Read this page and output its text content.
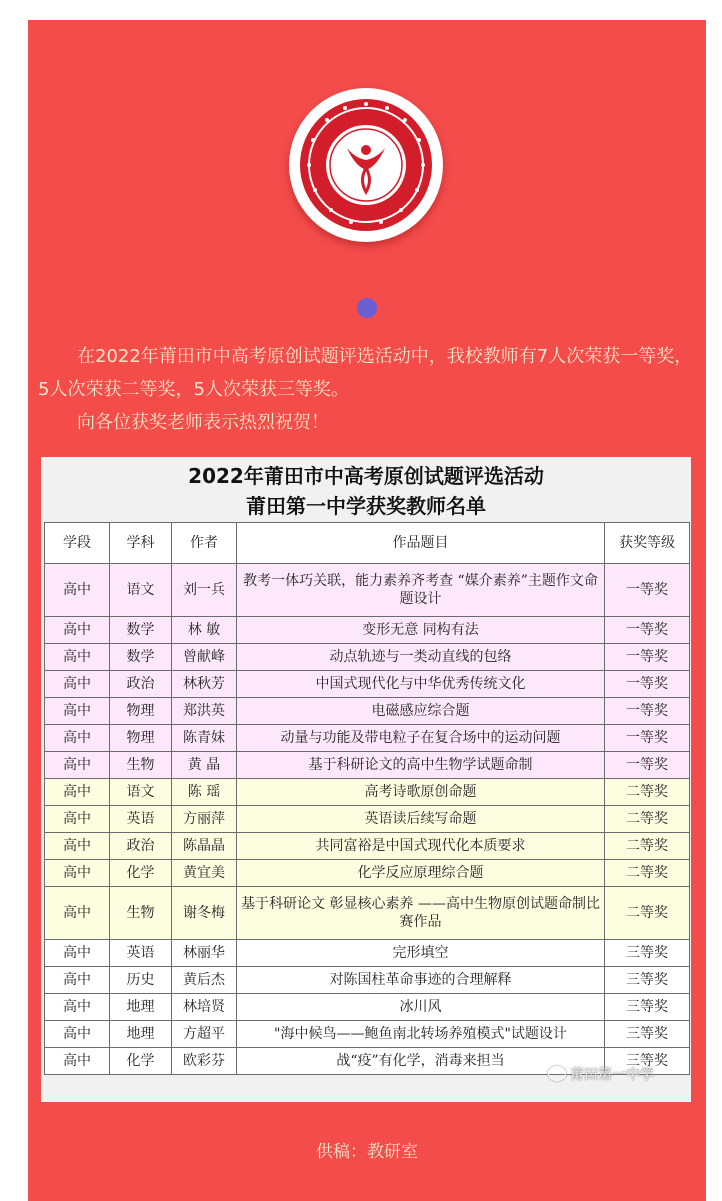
在2022年莆田市中高考原创试题评选活动中，我校教师有7人次荣获一等奖，5人次荣获二等奖，5人次荣获三等奖。

向各位获奖老师表示热烈祝贺！

2022年莆田市中高考原创试题评选活动
莆田第一中学获奖教师名单
学段	学科	作者	作品题目	获奖等级
高中	语文	刘一兵	教考一体巧关联，能力素养齐考查 “媒介素养”主题作文命题设计	一等奖
高中	数学	林 敏	变形无意 同构有法	一等奖
高中	数学	曾献峰	动点轨迹与一类动直线的包络	一等奖
高中	政治	林秋芳	中国式现代化与中华优秀传统文化	一等奖
高中	物理	郑洪英	电磁感应综合题	一等奖
高中	物理	陈青妹	动量与功能及带电粒子在复合场中的运动问题	一等奖
高中	生物	黄 晶	基于科研论文的高中生物学试题命制	一等奖
高中	语文	陈 瑶	高考诗歌原创命题	二等奖
高中	英语	方丽萍	英语读后续写命题	二等奖
高中	政治	陈晶晶	共同富裕是中国式现代化本质要求	二等奖
高中	化学	黄宜美	化学反应原理综合题	二等奖
高中	生物	谢冬梅	基于科研论文 彰显核心素养 ——高中生物原创试题命制比赛作品	二等奖
高中	英语	林丽华	完形填空	三等奖
高中	历史	黄后杰	对陈国柱革命事迹的合理解释	三等奖
高中	地理	林培贤	冰川风	三等奖
高中	地理	方超平	"海中候鸟——鲍鱼南北转场养殖模式"试题设计	三等奖
高中	化学	欧彩芬	战“疫”有化学，消毒来担当	三等奖
莆田第一中学
供稿：教研室
